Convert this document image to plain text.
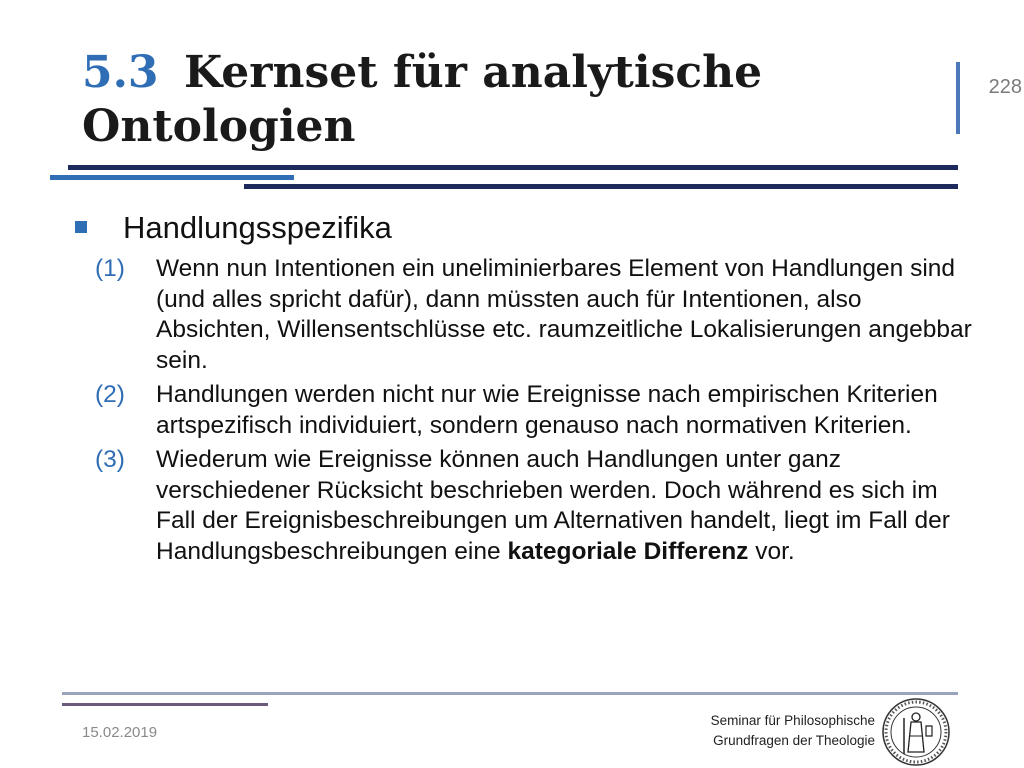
5.3 Kernset für analytische Ontologien
228
Handlungsspezifika
(1) Wenn nun Intentionen ein uneliminierbares Element von Handlungen sind (und alles spricht dafür), dann müssten auch für Intentionen, also Absichten, Willensentschlüsse etc. raumzeitliche Lokalisierungen angebbar sein.
(2) Handlungen werden nicht nur wie Ereignisse nach empirischen Kriterien artspezifisch individuiert, sondern genauso nach normativen Kriterien.
(3) Wiederum wie Ereignisse können auch Handlungen unter ganz verschiedener Rücksicht beschrieben werden. Doch während es sich im Fall der Ereignisbeschreibungen um Alternativen handelt, liegt im Fall der Handlungsbeschreibungen eine kategoriale Differenz vor.
15.02.2019
Seminar für Philosophische
Grundfragen der Theologie
